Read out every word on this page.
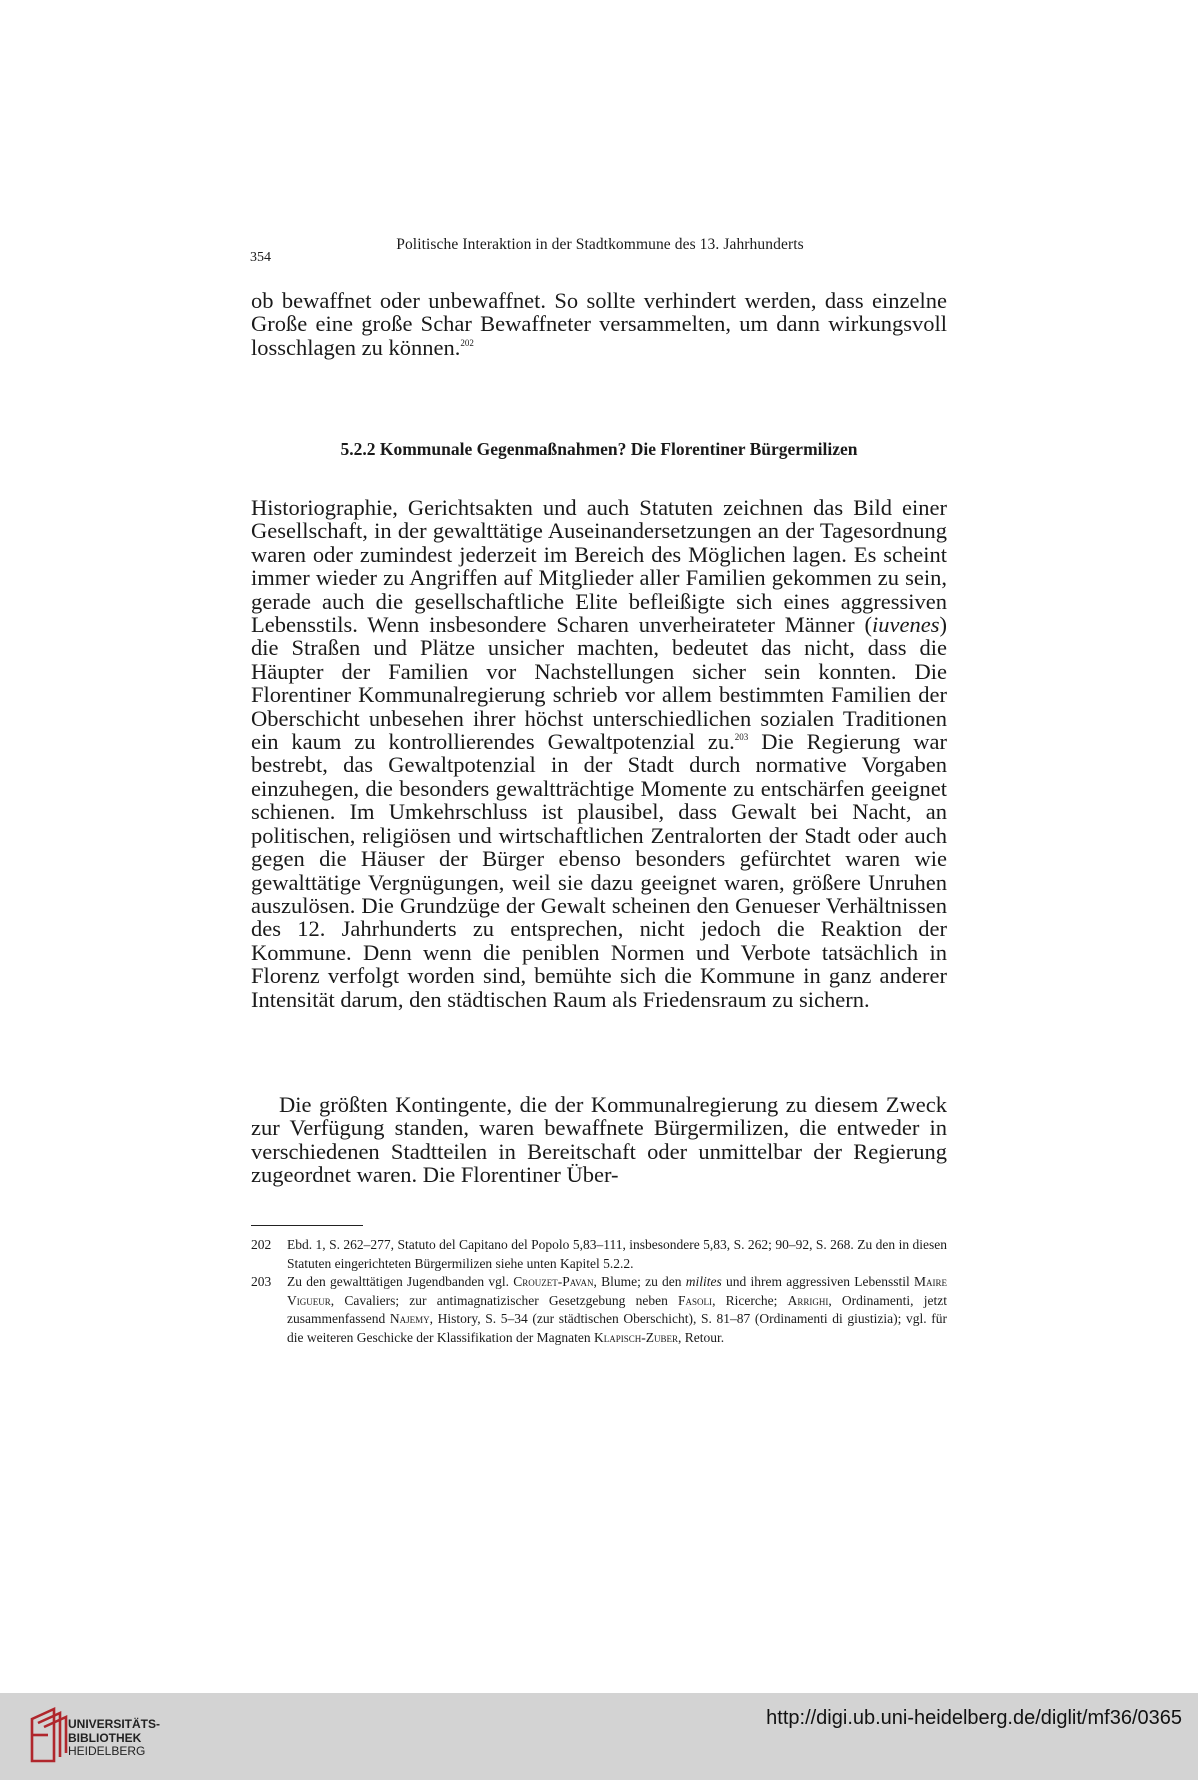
354
Politische Interaktion in der Stadtkommune des 13. Jahrhunderts

ob bewaffnet oder unbewaffnet. So sollte verhindert werden, dass einzelne Große eine große Schar Bewaffneter versammelten, um dann wirkungsvoll losschlagen zu können.$^{202}$

5.2.2 Kommunale Gegenmaßnahmen? Die Florentiner Bürgermilizen

Historiographie, Gerichtsakten und auch Statuten zeichnen das Bild einer Gesellschaft, in der gewalttätige Auseinandersetzungen an der Tagesordnung waren oder zumindest jederzeit im Bereich des Möglichen lagen. Es scheint immer wieder zu Angriffen auf Mitglieder aller Familien gekommen zu sein, gerade auch die gesellschaftliche Elite befleißigte sich eines aggressiven Lebensstils. Wenn insbesondere Scharen unverheirateter Männer (iuvenes) die Straßen und Plätze unsicher machten, bedeutet das nicht, dass die Häupter der Familien vor Nachstellungen sicher sein konnten. Die Florentiner Kommunalregierung schrieb vor allem bestimmten Familien der Oberschicht unbesehen ihrer höchst unterschiedlichen sozialen Traditionen ein kaum zu kontrollierendes Gewaltpotenzial zu.$^{203}$ Die Regierung war bestrebt, das Gewaltpotenzial in der Stadt durch normative Vorgaben einzuhegen, die besonders gewaltträchtige Momente zu entschärfen geeignet schienen. Im Umkehrschluss ist plausibel, dass Gewalt bei Nacht, an politischen, religiösen und wirtschaftlichen Zentralorten der Stadt oder auch gegen die Häuser der Bürger ebenso besonders gefürchtet waren wie gewalttätige Vergnügungen, weil sie dazu geeignet waren, größere Unruhen auszulösen. Die Grundzüge der Gewalt scheinen den Genueser Verhältnissen des 12. Jahrhunderts zu entsprechen, nicht jedoch die Reaktion der Kommune. Denn wenn die peniblen Normen und Verbote tatsächlich in Florenz verfolgt worden sind, bemühte sich die Kommune in ganz anderer Intensität darum, den städtischen Raum als Friedensraum zu sichern.

Die größten Kontingente, die der Kommunalregierung zu diesem Zweck zur Verfügung standen, waren bewaffnete Bürgermilizen, die entweder in verschiedenen Stadtteilen in Bereitschaft oder unmittelbar der Regierung zugeordnet waren. Die Florentiner Über-

202	Ebd. 1, S. 262–277, Statuto del Capitano del Popolo 5,83–111, insbesondere 5,83, S. 262; 90–92, S. 268. Zu den in diesen Statuten eingerichteten Bürgermilizen siehe unten Kapitel 5.2.2.
203	Zu den gewalttätigen Jugendbanden vgl. Crouzet-Pavan, Blume; zu den milites und ihrem aggressiven Lebensstil Maire Vigueur, Cavaliers; zur antimagnatizischer Gesetzgebung neben Fasoli, Ricerche; Arrighi, Ordinamenti, jetzt zusammenfassend Najemy, History, S. 5–34 (zur städtischen Oberschicht), S. 81–87 (Ordinamenti di giustizia); vgl. für die weiteren Geschicke der Klassifikation der Magnaten Klapisch-Zuber, Retour.
UNIVERSITÄTS-
BIBLIOTHEK
HEIDELBERG
http://digi.ub.uni-heidelberg.de/diglit/mf36/0365
